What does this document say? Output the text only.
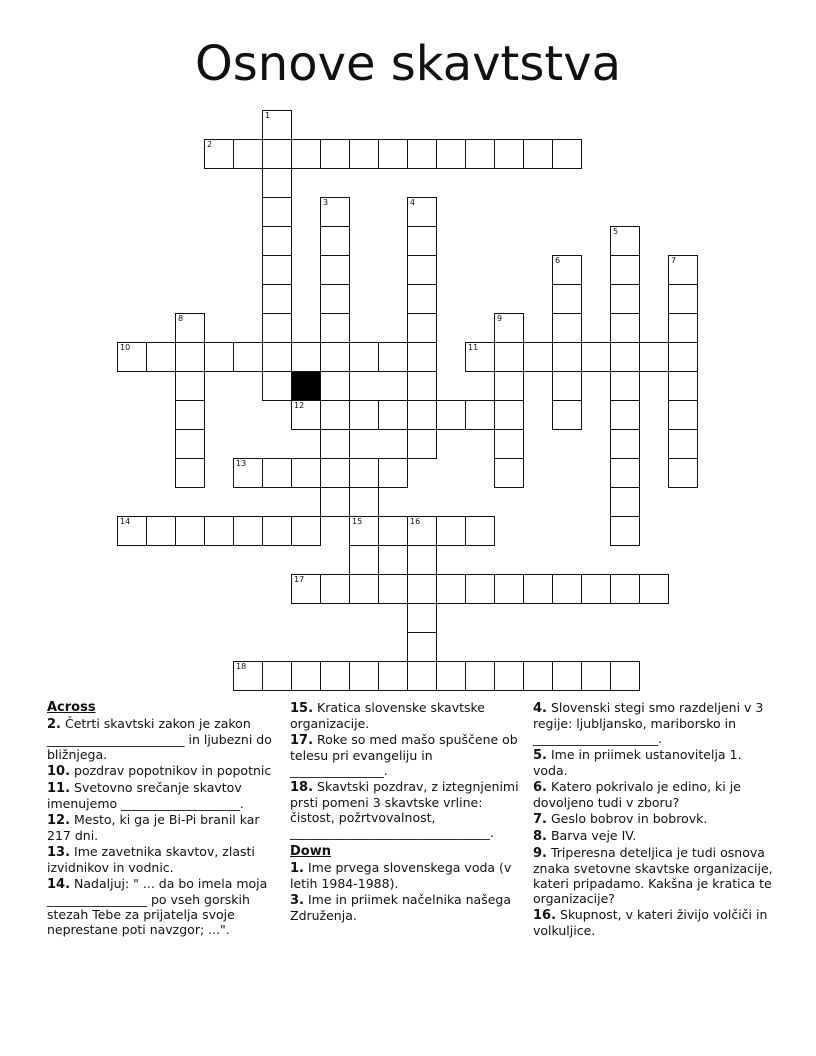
Osnove skavtstva
1
2
3	4
5
6	7
8	9
10	11
12
13
14	15	16
17
18
Across
2. Četrti skavtski zakon je zakon ______________________ in ljubezni do bližnjega.
10. pozdrav popotnikov in popotnic
11. Svetovno srečanje skavtov imenujemo ___________________.
12. Mesto, ki ga je Bi-Pi branil kar 217 dni.
13. Ime zavetnika skavtov, zlasti izvidnikov in vodnic.
14. Nadaljuj: " ... da bo imela moja ________________ po vseh gorskih stezah Tebe za prijatelja svoje neprestane poti navzgor; ...".
15. Kratica slovenske skavtske organizacije.
17. Roke so med mašo spuščene ob telesu pri evangeliju in _______________.
18. Skavtski pozdrav, z iztegnjenimi prsti pomeni 3 skavtske vrline: čistost, požrtvovalnost, ________________________________.
Down
1. Ime prvega slovenskega voda (v letih 1984-1988).
3. Ime in priimek načelnika našega Združenja.
4. Slovenski stegi smo razdeljeni v 3 regije: ljubljansko, mariborsko in ____________________.
5. Ime in priimek ustanovitelja 1. voda.
6. Katero pokrivalo je edino, ki je dovoljeno tudi v zboru?
7. Geslo bobrov in bobrovk.
8. Barva veje IV.
9. Triperesna deteljica je tudi osnova znaka svetovne skavtske organizacije, kateri pripadamo. Kakšna je kratica te organizacije?
16. Skupnost, v kateri živijo volčiči in volkuljice.
